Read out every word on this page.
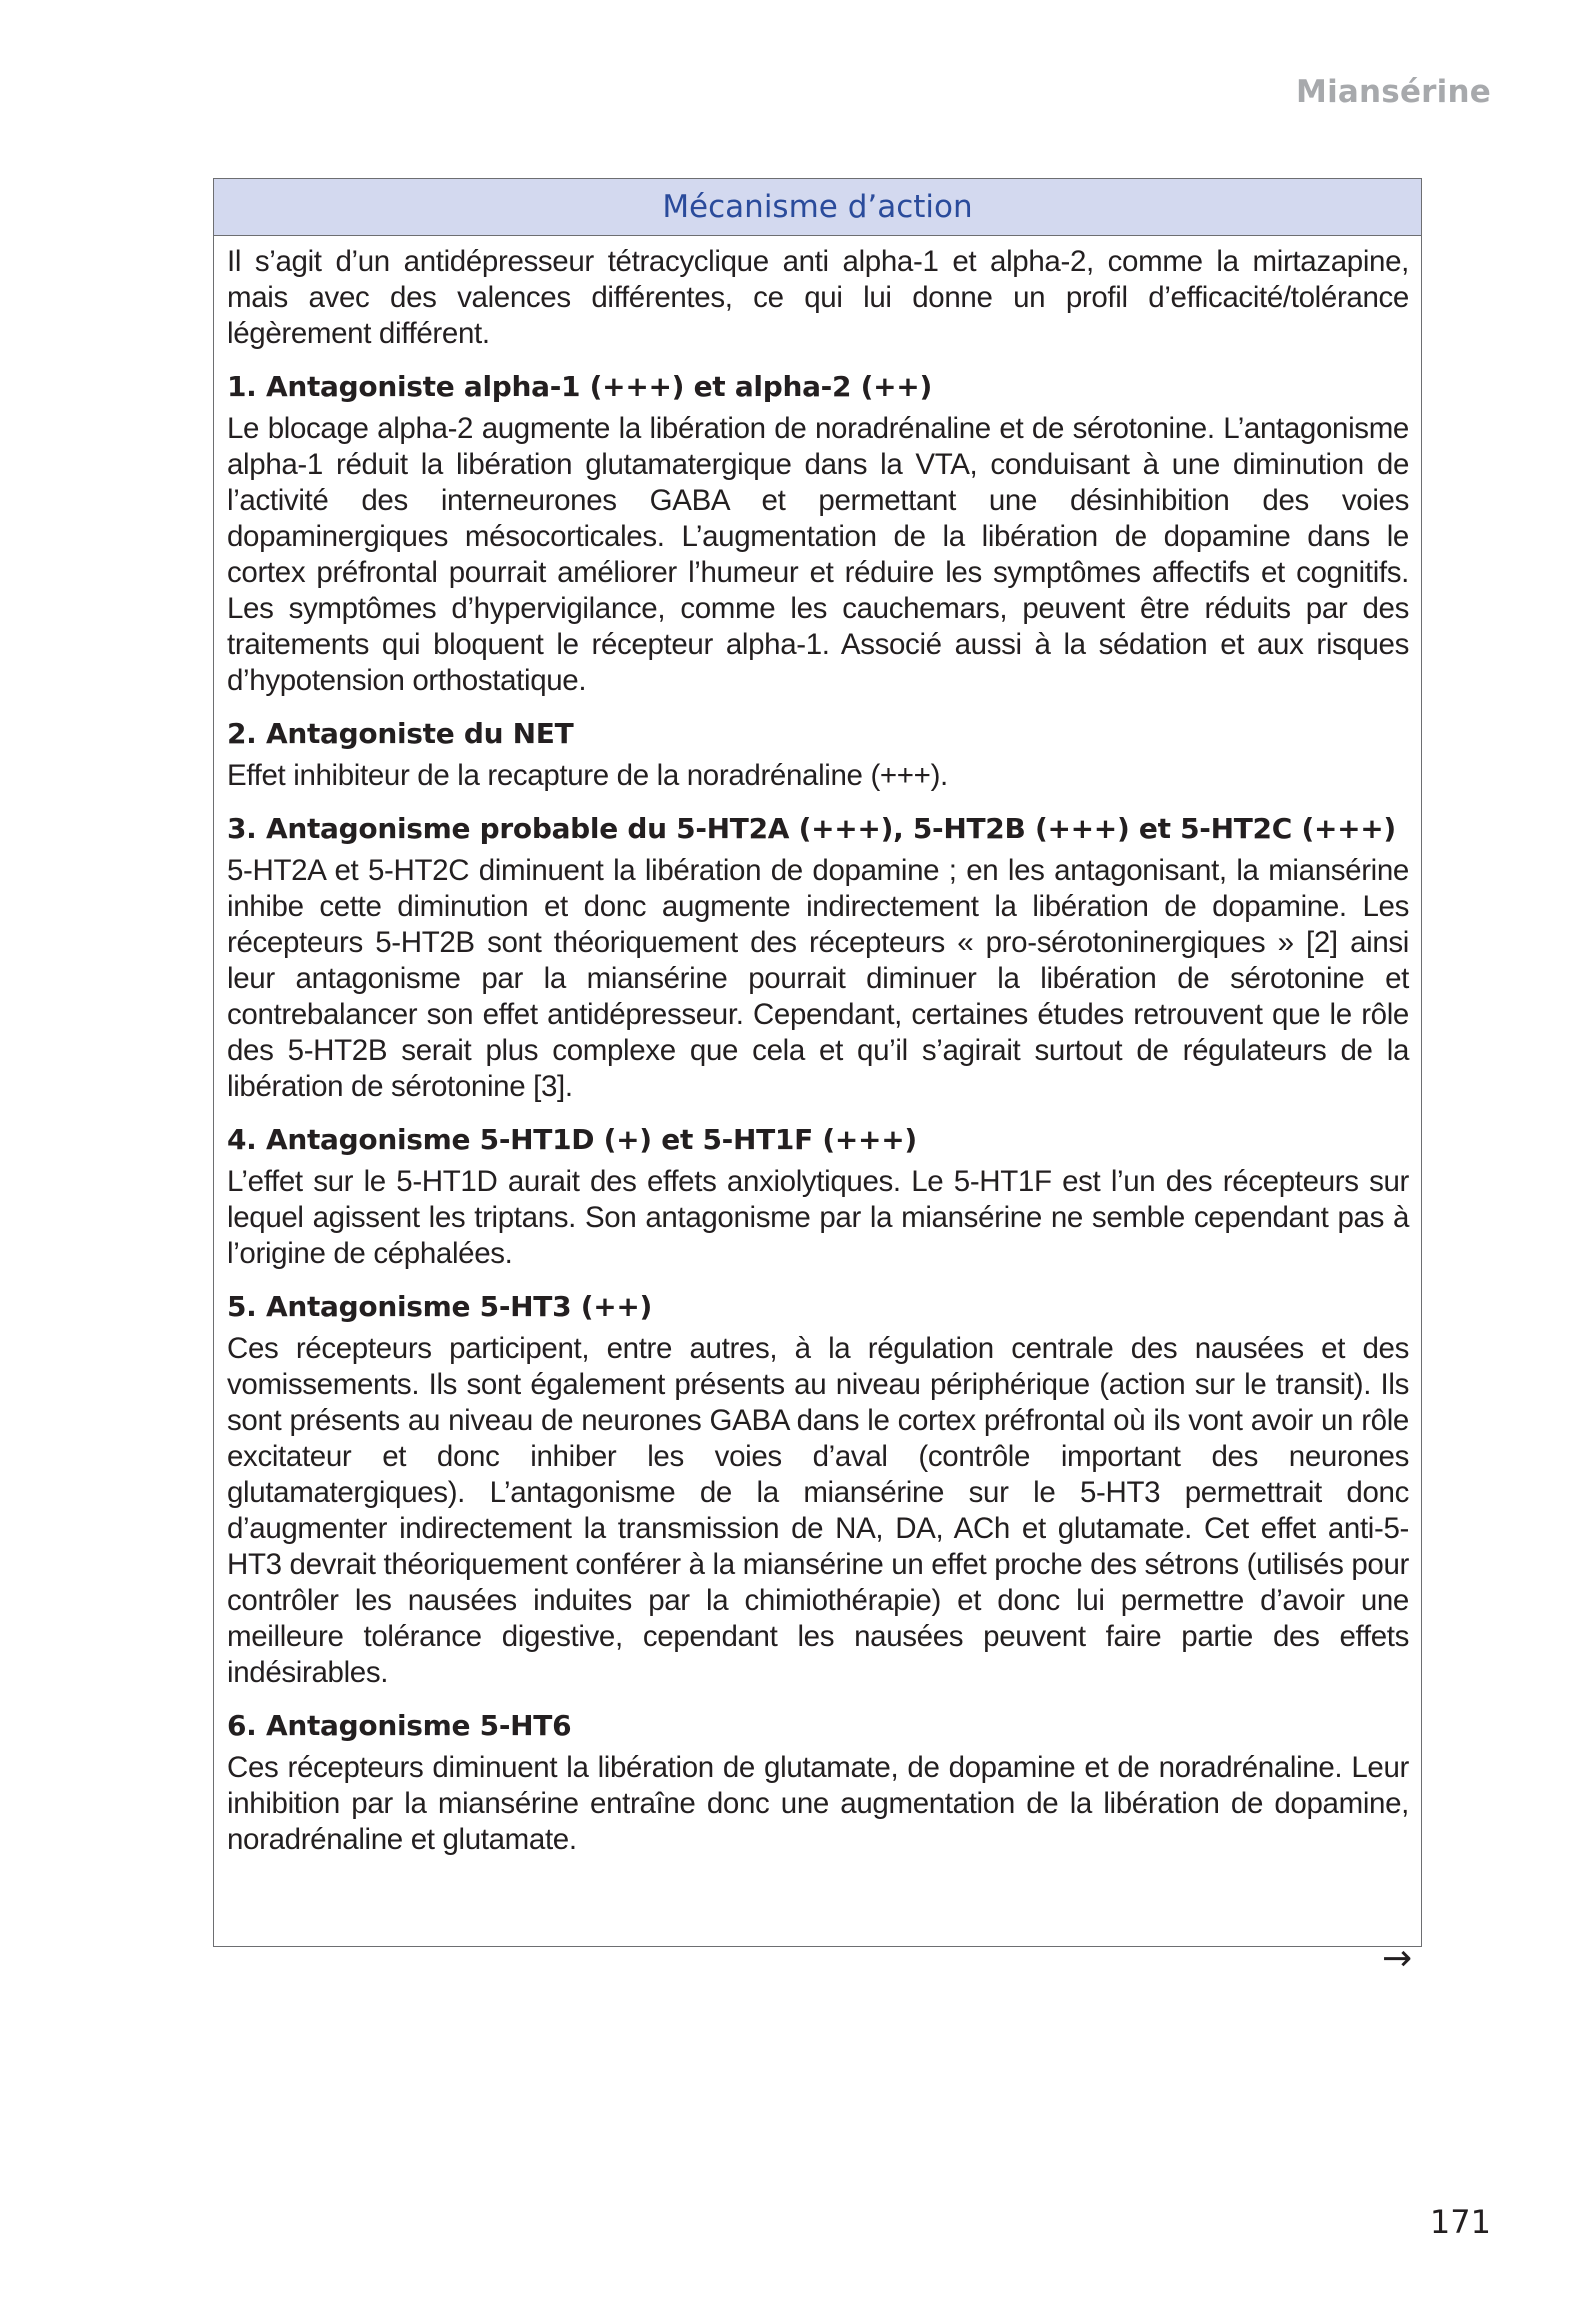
Miansérine
Mécanisme d’action

Il s’agit d’un antidépresseur tétracyclique anti alpha-1 et alpha-2, comme la mirtazapine, mais avec des valences différentes, ce qui lui donne un profil d’efficacité/tolérance légèrement différent.

1. Antagoniste alpha-1 (+++) et alpha-2 (++)

Le blocage alpha-2 augmente la libération de noradrénaline et de sérotonine. L’antagonisme alpha-1 réduit la libération glutamatergique dans la VTA, conduisant à une diminution de l’activité des interneurones GABA et permettant une désinhibition des voies dopaminergiques mésocorticales. L’augmentation de la libération de dopamine dans le cortex préfrontal pourrait améliorer l’humeur et réduire les symptômes affectifs et cognitifs. Les symptômes d’hypervigilance, comme les cauchemars, peuvent être réduits par des traitements qui bloquent le récepteur alpha-1. Associé aussi à la sédation et aux risques d’hypotension orthostatique.

2. Antagoniste du NET

Effet inhibiteur de la recapture de la noradrénaline (+++).

3. Antagonisme probable du 5-HT2A (+++), 5-HT2B (+++) et 5-HT2C (+++)

5-HT2A et 5-HT2C diminuent la libération de dopamine ; en les antagonisant, la miansérine inhibe cette diminution et donc augmente indirectement la libération de dopamine. Les récepteurs 5-HT2B sont théoriquement des récepteurs « pro-sérotoninergiques » [2] ainsi leur antagonisme par la miansérine pourrait diminuer la libération de sérotonine et contrebalancer son effet antidépresseur. Cependant, certaines études retrouvent que le rôle des 5-HT2B serait plus complexe que cela et qu’il s’agirait surtout de régulateurs de la libération de sérotonine [3].

4. Antagonisme 5-HT1D (+) et 5-HT1F (+++)

L’effet sur le 5-HT1D aurait des effets anxiolytiques. Le 5-HT1F est l’un des récepteurs sur lequel agissent les triptans. Son antagonisme par la miansérine ne semble cependant pas à l’origine de céphalées.

5. Antagonisme 5-HT3 (++)

Ces récepteurs participent, entre autres, à la régulation centrale des nausées et des vomissements. Ils sont également présents au niveau périphérique (action sur le transit). Ils sont présents au niveau de neurones GABA dans le cortex préfrontal où ils vont avoir un rôle excitateur et donc inhiber les voies d’aval (contrôle important des neurones glutamatergiques). L’antagonisme de la miansérine sur le 5-HT3 permettrait donc d’augmenter indirectement la transmission de NA, DA, ACh et glutamate. Cet effet anti-5-HT3 devrait théoriquement conférer à la miansérine un effet proche des sétrons (utilisés pour contrôler les nausées induites par la chimiothérapie) et donc lui permettre d’avoir une meilleure tolérance digestive, cependant les nausées peuvent faire partie des effets indésirables.

6. Antagonisme 5-HT6

Ces récepteurs diminuent la libération de glutamate, de dopamine et de noradrénaline. Leur inhibition par la miansérine entraîne donc une augmentation de la libération de dopamine, noradrénaline et glutamate.

→
171
